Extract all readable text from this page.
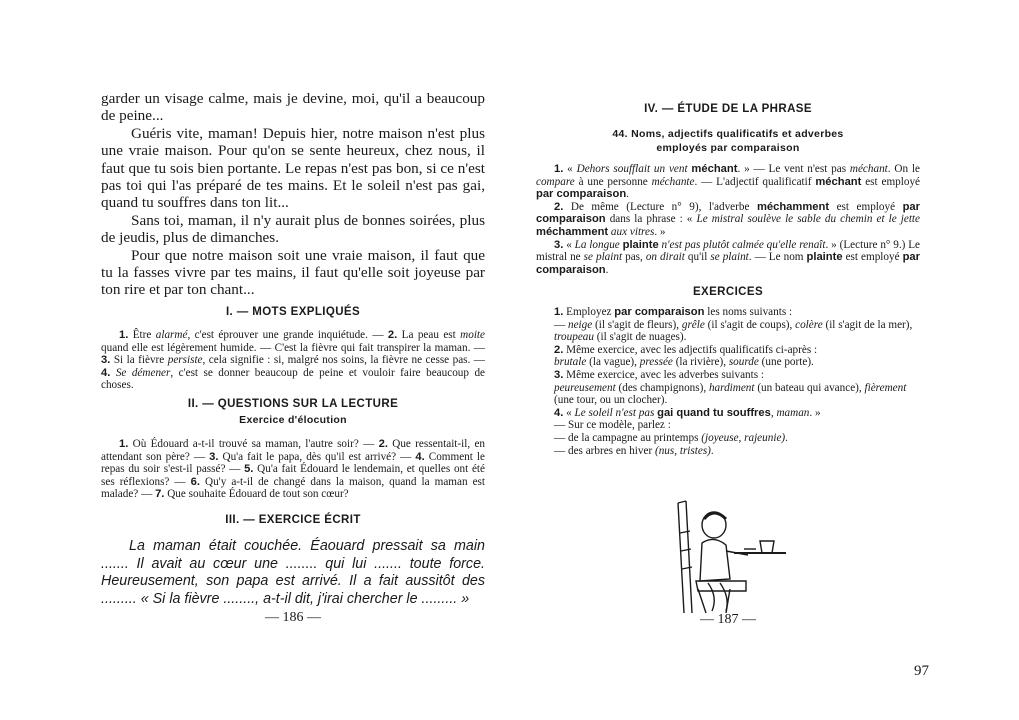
garder un visage calme, mais je devine, moi, qu'il a beaucoup de peine...

Guéris vite, maman! Depuis hier, notre maison n'est plus une vraie maison. Pour qu'on se sente heureux, chez nous, il faut que tu sois bien portante. Le repas n'est pas bon, si ce n'est pas toi qui l'as préparé de tes mains. Et le soleil n'est pas gai, quand tu souffres dans ton lit...

Sans toi, maman, il n'y aurait plus de bonnes soirées, plus de jeudis, plus de dimanches.

Pour que notre maison soit une vraie maison, il faut que tu la fasses vivre par tes mains, il faut qu'elle soit joyeuse par ton rire et par ton chant...

I. — MOTS EXPLIQUÉS

1. Être alarmé, c'est éprouver une grande inquiétude. — 2. La peau est moite quand elle est légèrement humide. — C'est la fièvre qui fait transpirer la maman. — 3. Si la fièvre persiste, cela signifie : si, malgré nos soins, la fièvre ne cesse pas. — 4. Se démener, c'est se donner beaucoup de peine et vouloir faire beaucoup de choses.

II. — QUESTIONS SUR LA LECTURE
Exercice d'élocution

1. Où Édouard a-t-il trouvé sa maman, l'autre soir? — 2. Que ressentait-il, en attendant son père? — 3. Qu'a fait le papa, dès qu'il est arrivé? — 4. Comment le repas du soir s'est-il passé? — 5. Qu'a fait Édouard le lendemain, et quelles ont été ses réflexions? — 6. Qu'y a-t-il de changé dans la maison, quand la maman est malade? — 7. Que souhaite Édouard de tout son cœur?

III. — EXERCICE ÉCRIT

La maman était couchée. Éaouard pressait sa main ....... Il avait au cœur une ........ qui lui ....... toute force. Heureusement, son papa est arrivé. Il a fait aussitôt des ......... « Si la fièvre ........, a-t-il dit, j'irai chercher le ......... »

— 186 —
IV. — ÉTUDE DE LA PHRASE
44. Noms, adjectifs qualificatifs et adverbes
employés par comparaison

1. « Dehors soufflait un vent méchant. » — Le vent n'est pas méchant. On le compare à une personne méchante. — L'adjectif qualificatif méchant est employé par comparaison.

2. De même (Lecture n° 9), l'adverbe méchamment est employé par comparaison dans la phrase : « Le mistral soulève le sable du chemin et le jette méchamment aux vitres. »

3. « La longue plainte n'est pas plutôt calmée qu'elle renaît. » (Lecture n° 9.) Le mistral ne se plaint pas, on dirait qu'il se plaint. — Le nom plainte est employé par comparaison.

EXERCICES

1. Employez par comparaison les noms suivants :
— neige (il s'agit de fleurs), grêle (il s'agit de coups), colère (il s'agit de la mer),
troupeau (il s'agit de nuages).

2. Même exercice, avec les adjectifs qualificatifs ci-après :
brutale (la vague), pressée (la rivière), sourde (une porte).

3. Même exercice, avec les adverbes suivants :
peureusement (des champignons), hardiment (un bateau qui avance), fièrement
(une tour, ou un clocher).

4. « Le soleil n'est pas gai quand tu souffres, maman. »
— Sur ce modèle, parlez :
— de la campagne au printemps (joyeuse, rajeunie).
— des arbres en hiver (nus, tristes).

— 187 —
97
